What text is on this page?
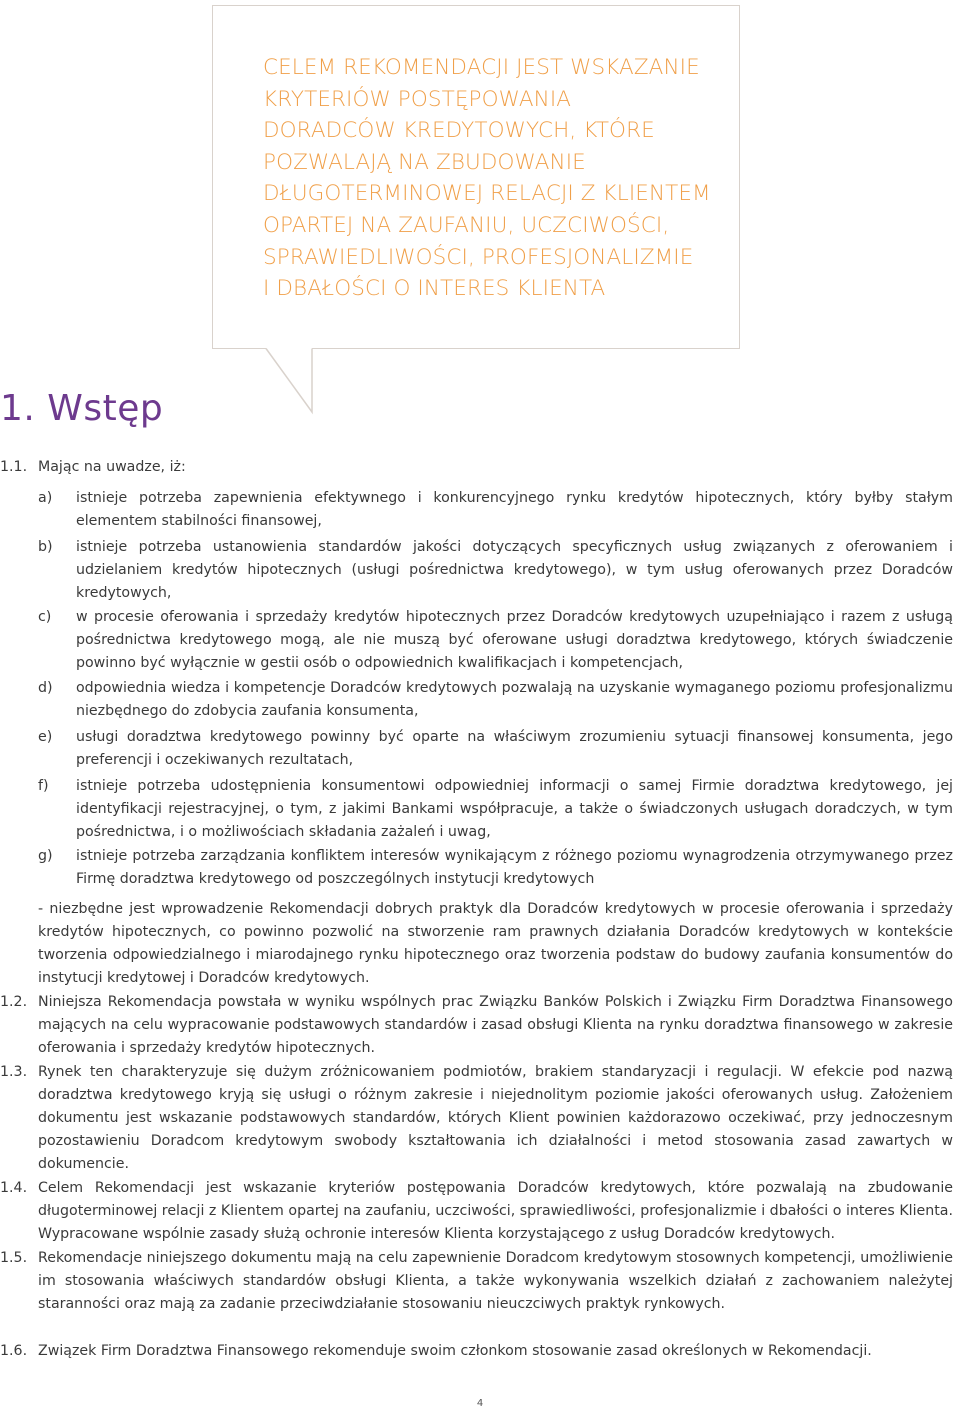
CELEM REKOMENDACJI JEST WSKAZANIE
KRYTERIÓW POSTĘPOWANIA
DORADCÓW KREDYTOWYCH, KTÓRE
POZWALAJĄ NA ZBUDOWANIE
DŁUGOTERMINOWEJ RELACJI Z KLIENTEM
OPARTEJ NA ZAUFANIU, UCZCIWOŚCI,
SPRAWIEDLIWOŚCI, PROFESJONALIZMIE
I DBAŁOŚCI O INTERES KLIENTA
1. Wstęp
1.1. Mając na uwadze, iż:
a) istnieje potrzeba zapewnienia efektywnego i konkurencyjnego rynku kredytów hipotecznych, który byłby stałym elementem stabilności finansowej,
b) istnieje potrzeba ustanowienia standardów jakości dotyczących specyficznych usług związanych z oferowaniem i udzielaniem kredytów hipotecznych (usługi pośrednictwa kredytowego), w tym usług oferowanych przez Doradców kredytowych,
c) w procesie oferowania i sprzedaży kredytów hipotecznych przez Doradców kredytowych uzupełniająco i razem z usługą pośrednictwa kredytowego mogą, ale nie muszą być oferowane usługi doradztwa kredytowego, których świadczenie powinno być wyłącznie w gestii osób o odpowiednich kwalifikacjach i kompetencjach,
d) odpowiednia wiedza i kompetencje Doradców kredytowych pozwalają na uzyskanie wymaganego poziomu profesjonalizmu niezbędnego do zdobycia zaufania konsumenta,
e) usługi doradztwa kredytowego powinny być oparte na właściwym zrozumieniu sytuacji finansowej konsumenta, jego preferencji i oczekiwanych rezultatach,
f) istnieje potrzeba udostępnienia konsumentowi odpowiedniej informacji o samej Firmie doradztwa kredytowego, jej identyfikacji rejestracyjnej, o tym, z jakimi Bankami współpracuje, a także o świadczonych usługach doradczych, w tym pośrednictwa, i o możliwościach składania zażaleń i uwag,
g) istnieje potrzeba zarządzania konfliktem interesów wynikającym z różnego poziomu wynagrodzenia otrzymywanego przez Firmę doradztwa kredytowego od poszczególnych instytucji kredytowych
- niezbędne jest wprowadzenie Rekomendacji dobrych praktyk dla Doradców kredytowych w procesie oferowania i sprzedaży kredytów hipotecznych, co powinno pozwolić na stworzenie ram prawnych działania Doradców kredytowych w kontekście tworzenia odpowiedzialnego i miarodajnego rynku hipotecznego oraz tworzenia podstaw do budowy zaufania konsumentów do instytucji kredytowej i Doradców kredytowych.
1.2. Niniejsza Rekomendacja powstała w wyniku wspólnych prac Związku Banków Polskich i Związku Firm Doradztwa Finansowego mających na celu wypracowanie podstawowych standardów i zasad obsługi Klienta na rynku doradztwa finansowego w zakresie oferowania i sprzedaży kredytów hipotecznych.
1.3. Rynek ten charakteryzuje się dużym zróżnicowaniem podmiotów, brakiem standaryzacji i regulacji. W efekcie pod nazwą doradztwa kredytowego kryją się usługi o różnym zakresie i niejednolitym poziomie jakości oferowanych usług. Założeniem dokumentu jest wskazanie podstawowych standardów, których Klient powinien każdorazowo oczekiwać, przy jednoczesnym pozostawieniu Doradcom kredytowym swobody kształtowania ich działalności i metod stosowania zasad zawartych w dokumencie.
1.4. Celem Rekomendacji jest wskazanie kryteriów postępowania Doradców kredytowych, które pozwalają na zbudowanie długoterminowej relacji z Klientem opartej na zaufaniu, uczciwości, sprawiedliwości, profesjonalizmie i dbałości o interes Klienta. Wypracowane wspólnie zasady służą ochronie interesów Klienta korzystającego z usług Doradców kredytowych.
1.5. Rekomendacje niniejszego dokumentu mają na celu zapewnienie Doradcom kredytowym stosownych kompetencji, umożliwienie im stosowania właściwych standardów obsługi Klienta, a także wykonywania wszelkich działań z zachowaniem należytej staranności oraz mają za zadanie przeciwdziałanie stosowaniu nieuczciwych praktyk rynkowych.
1.6. Związek Firm Doradztwa Finansowego rekomenduje swoim członkom stosowanie zasad określonych w Rekomendacji.
4
